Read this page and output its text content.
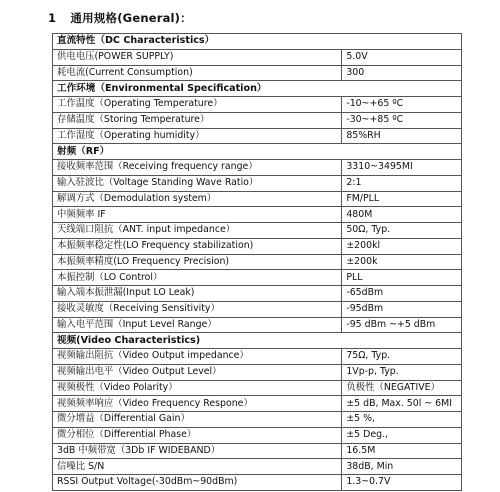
1 通用规格(General)：
直流特性（DC Characteristics）	
供电电压(POWER SUPPLY)	5.0V
耗电流(Current Consumption)	300
工作环境（Environmental Specification）	
工作温度（Operating Temperature）	-10~+65 ºC
存储温度（Storing Temperature）	-30~+85 ºC
工作湿度（Operating humidity）	85%RH
射频（RF）	
接收频率范围（Receiving frequency range）	3310~3495MI
输入驻波比（Voltage Standing Wave Ratio）	2:1
解调方式（Demodulation system）	FM/PLL
中频频率 IF	480M
天线端口阻抗（ANT. input impedance）	50Ω, Typ.
本振频率稳定性(LO Frequency stabilization)	±200kl
本振频率精度(LO Frequency Precision)	±200k
本振控制（LO Control）	PLL
输入端本振泄漏(Input LO Leak)	-65dBm
接收灵敏度（Receiving Sensitivity）	-95dBm
输入电平范围（Input Level Range）	-95 dBm ~+5 dBm
视频(Video Characteristics)	
视频输出阻抗（Video Output impedance）	75Ω, Typ.
视频输出电平（Video Output Level）	1Vp-p, Typ.
视频极性（Video Polarity）	负极性（NEGATIVE）
视频频率响应（Video Frequency Respone）	±5 dB, Max. 50l ~ 6MI
微分增益（Differential Gain）	±5 %,
微分相位（Differential Phase）	±5 Deg.,
3dB 中频带宽（3Db IF WIDEBAND）	16.5M
信噪比 S/N	38dB, Min
RSSI Output Voltage(-30dBm~90dBm)	1.3~0.7V
